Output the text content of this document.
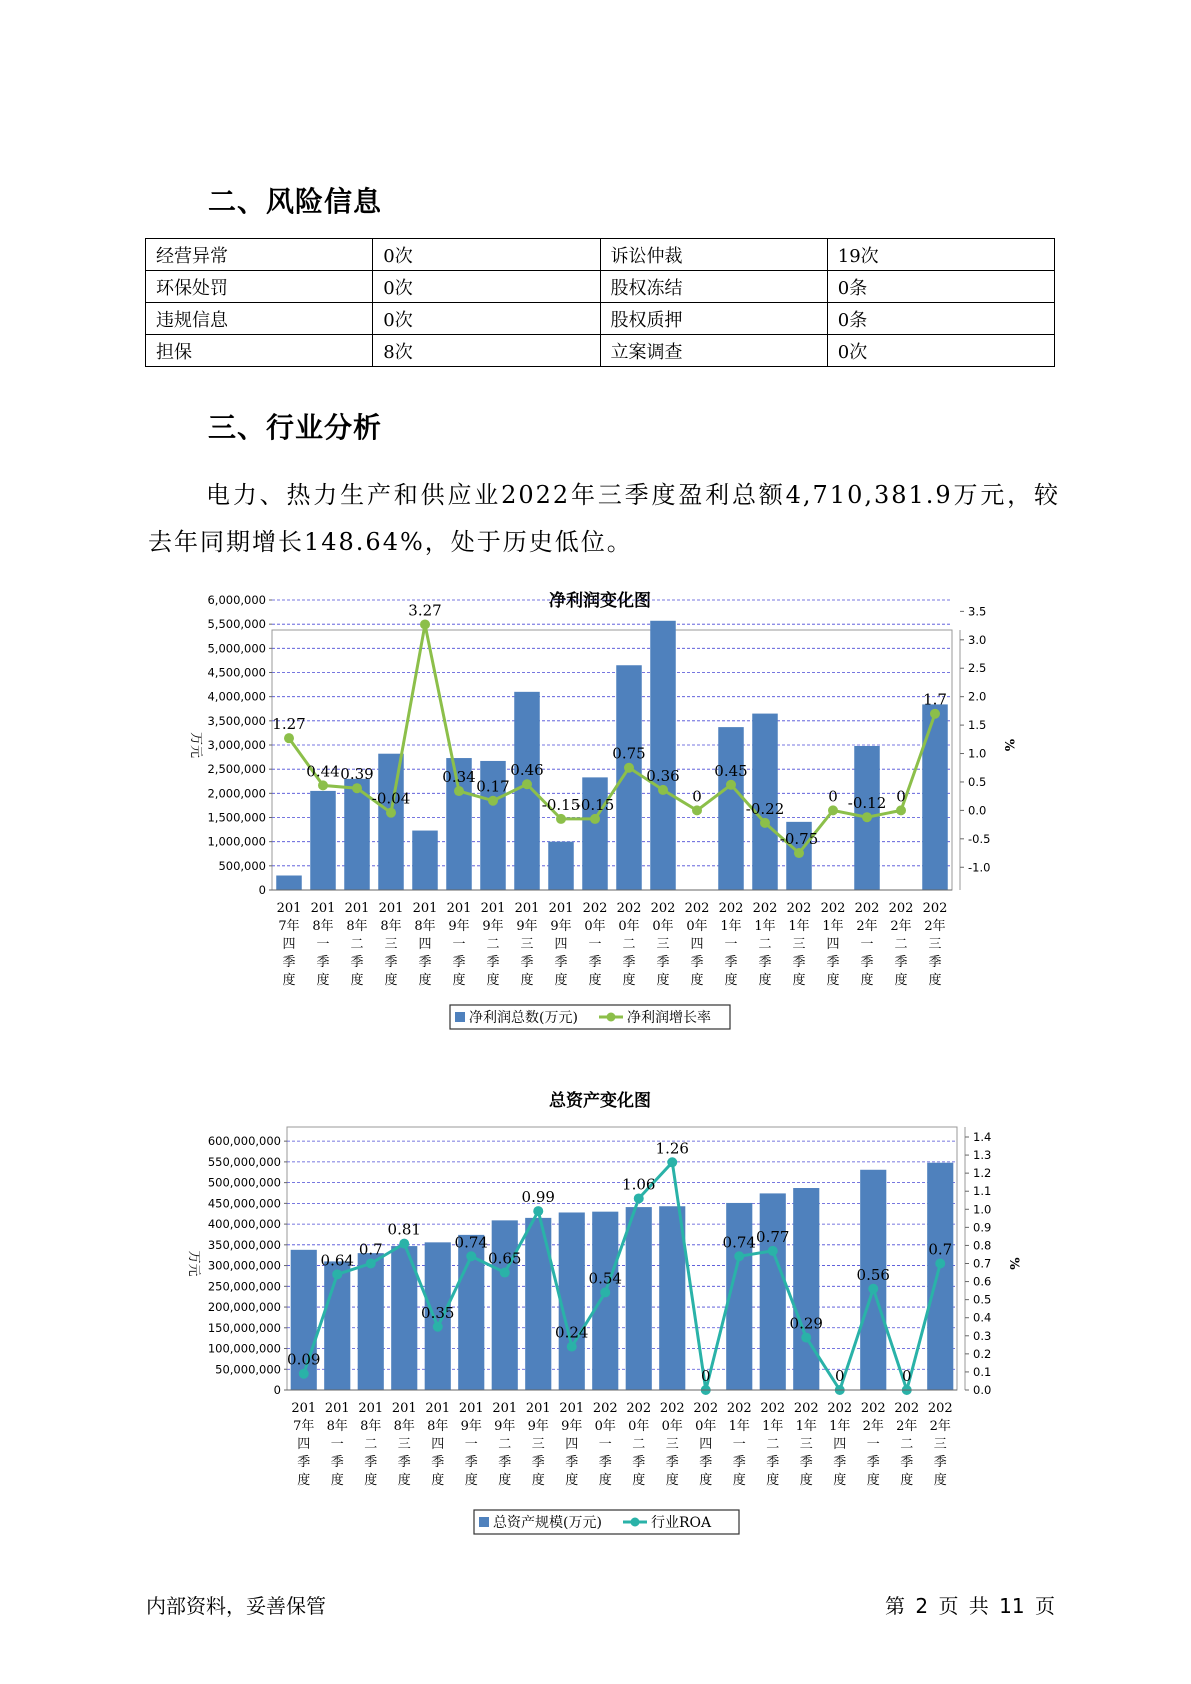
二、风险信息
经营异常	0次	诉讼仲裁	19次
环保处罚	0次	股权冻结	0条
违规信息	0次	股权质押	0条
担保	8次	立案调查	0次
三、行业分析
电力、热力生产和供应业2022年三季度盈利总额4,710,381.9万元，较去年同期增长148.64%，处于历史低位。
净利润变化图
0
500,000
1,000,000
1,500,000
2,000,000
2,500,000
3,000,000
3,500,000
4,000,000
4,500,000
5,000,000
5,500,000
6,000,000
-1.0
-0.5
0.0
0.5
1.0
1.5
2.0
2.5
3.0
3.5
万元	%
1.27
0.44 0.39
-0.04
3.27
0.34
0.17
0.46
-0.15
-0.15
0.75
0.36
0
0.45
-0.22
-0.75
0 -0.12 0
1.7
201
7年
四
季
度
201
8年
一
季
度
201
8年
二
季
度
201
8年
三
季
度
201
8年
四
季
度
201
9年
一
季
度
201
9年
二
季
度
201
9年
三
季
度
201
9年
四
季
度
202
0年
一
季
度
202
0年
二
季
度
202
0年
三
季
度
202
0年
四
季
度
202
1年
一
季
度
202
1年
二
季
度
202
1年
三
季
度
202
1年
四
季
度
202
2年
一
季
度
202
2年
二
季
度
202
2年
三
季
度
净利润总数(万元)	净利润增长率
总资产变化图
0
50,000,000
100,000,000
150,000,000
200,000,000
250,000,000
300,000,000
350,000,000
400,000,000
450,000,000
500,000,000
550,000,000
600,000,000
0.0
0.1
0.2
0.3
0.4
0.5
0.6
0.7
0.8
0.9
1.0
1.1
1.2
1.3
1.4
万元	%
0.09
0.64
0.7
0.81
0.35
0.74
0.65
0.99
0.24
0.54
1.06
1.26
0
0.74 0.77
0.29
0
0.56
0
0.7
201
7年
四
季
度
201
8年
一
季
度
201
8年
二
季
度
201
8年
三
季
度
201
8年
四
季
度
201
9年
一
季
度
201
9年
二
季
度
201
9年
三
季
度
201
9年
四
季
度
202
0年
一
季
度
202
0年
二
季
度
202
0年
三
季
度
202
0年
四
季
度
202
1年
一
季
度
202
1年
二
季
度
202
1年
三
季
度
202
1年
四
季
度
202
2年
一
季
度
202
2年
二
季
度
202
2年
三
季
度
总资产规模(万元)	行业ROA
内部资料，妥善保管	第 2 页 共 11 页
